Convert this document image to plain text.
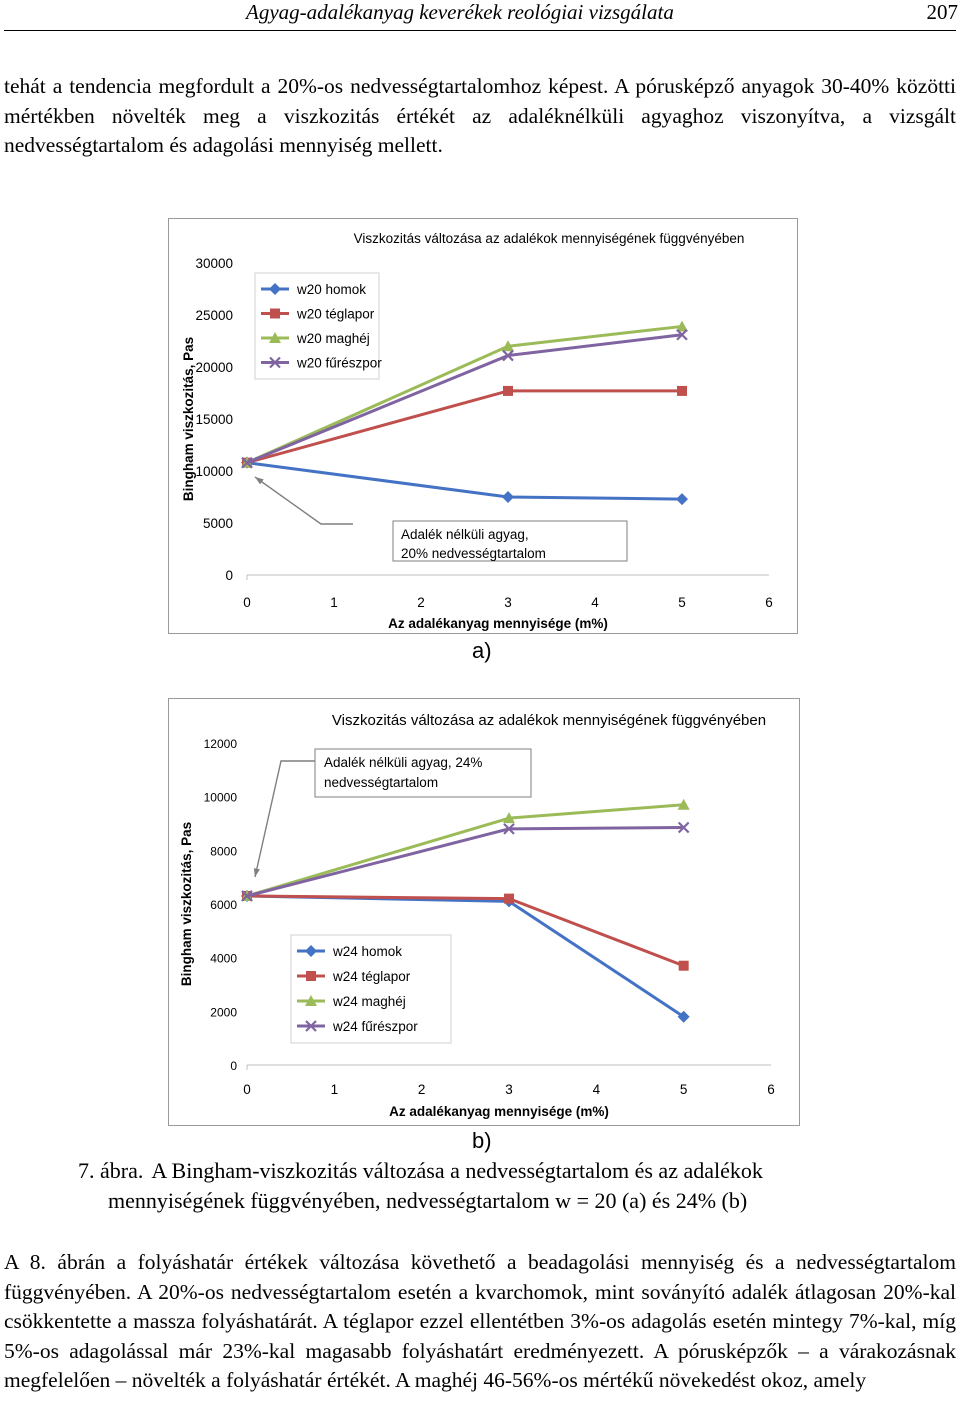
Agyag-adalékanyag keverékek reológiai vizsgálata	207

tehát a tendencia megfordult a 20%-os nedvességtartalomhoz képest. A pórusképző anyagok 30-40% közötti mértékben növelték meg a viszkozitás értékét az adaléknélküli agyaghoz viszonyítva, a vizsgált nedvességtartalom és adagolási mennyiség mellett.

Viszkozitás változása az adalékok mennyiségének függvényében
0	1	2	3	4	5	6
0
5000
10000
15000
20000
25000
30000
Az adalékanyag mennyisége (m%)
Bingham viszkozitás, Pas
Adalék nélküli agyag,
20% nedvességtartalom
w20 homok
w20 téglapor
w20 maghéj
w20 fűrészpor
a)
Viszkozitás változása az adalékok mennyiségének függvényében
0	1	2	3	4	5	6
0
2000
4000
6000
8000
10000
12000
Az adalékanyag mennyisége (m%)
Bingham viszkozitás, Pas
Adalék nélküli agyag, 24%
nedvességtartalom
w24 homok
w24 téglapor
w24 maghéj
w24 fűrészpor
b)
7. ábra. A Bingham-viszkozitás változása a nedvességtartalom és az adalékok
mennyiségének függvényében, nedvességtartalom w = 20 (a) és 24% (b)

A 8. ábrán a folyáshatár értékek változása követhető a beadagolási mennyiség és a nedvességtartalom függvényében. A 20%-os nedvességtartalom esetén a kvarchomok, mint soványító adalék átlagosan 20%-kal csökkentette a massza folyáshatárát. A téglapor ezzel ellentétben 3%-os adagolás esetén mintegy 7%-kal, míg 5%-os adagolással már 23%-kal magasabb folyáshatárt eredményezett. A pórusképzők – a várakozásnak megfelelően – növelték a folyáshatár értékét. A maghéj 46-56%-os mértékű növekedést okoz, amely
